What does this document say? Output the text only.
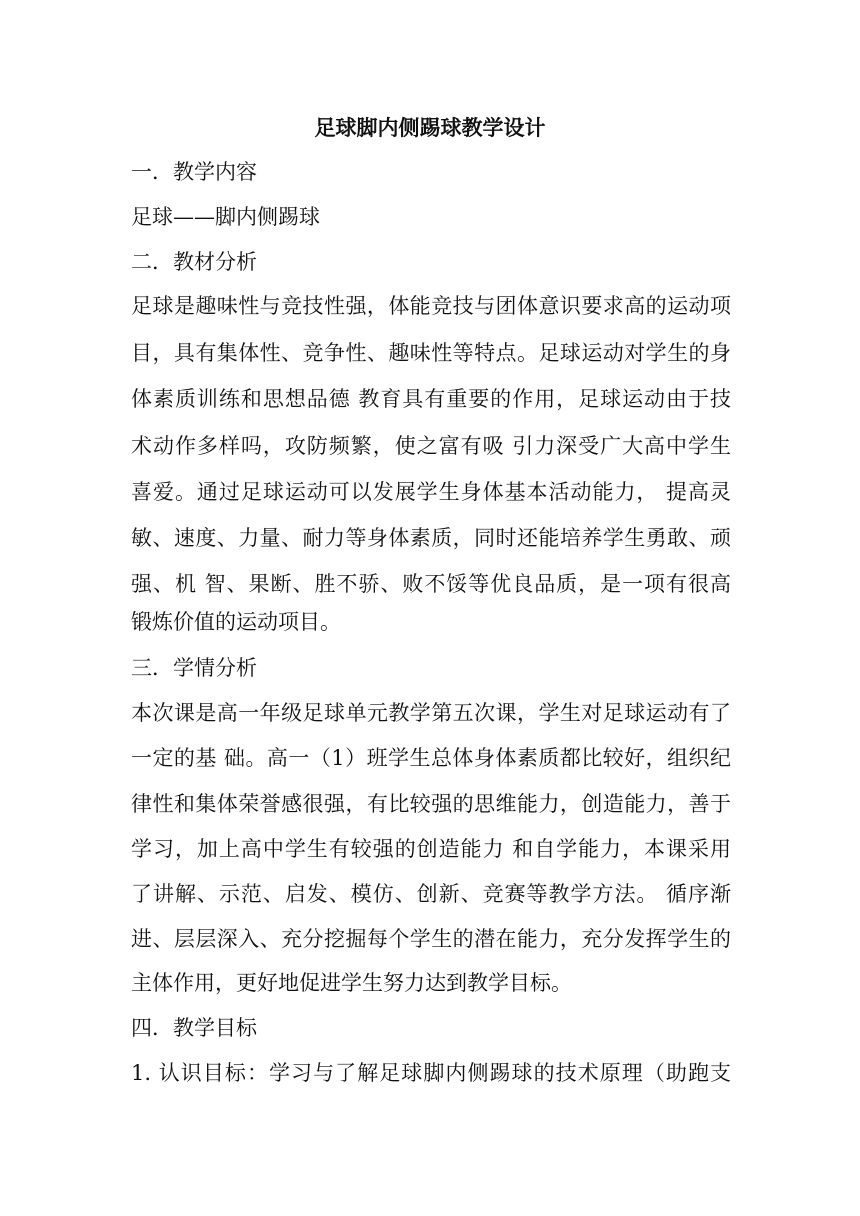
足球脚内侧踢球教学设计

一．教学内容

足球——脚内侧踢球

二．教材分析

足球是趣味性与竞技性强，体能竞技与团体意识要求高的运动项

目，具有集体性、竞争性、趣味性等特点。足球运动对学生的身

体素质训练和思想品德 教育具有重要的作用，足球运动由于技

术动作多样吗，攻防频繁，使之富有吸 引力深受广大高中学生

喜爱。通过足球运动可以发展学生身体基本活动能力， 提高灵

敏、速度、力量、耐力等身体素质，同时还能培养学生勇敢、顽

强、机 智、果断、胜不骄、败不馁等优良品质，是一项有很高

锻炼价值的运动项目。

三．学情分析

本次课是高一年级足球单元教学第五次课，学生对足球运动有了

一定的基 础。高一（1）班学生总体身体素质都比较好，组织纪

律性和集体荣誉感很强，有比较强的思维能力，创造能力，善于

学习，加上高中学生有较强的创造能力 和自学能力，本课采用

了讲解、示范、启发、模仿、创新、竞赛等教学方法。 循序渐

进、层层深入、充分挖掘每个学生的潜在能力，充分发挥学生的

主体作用，更好地促进学生努力达到教学目标。

四．教学目标

1. 认识目标：学习与了解足球脚内侧踢球的技术原理（助跑支
